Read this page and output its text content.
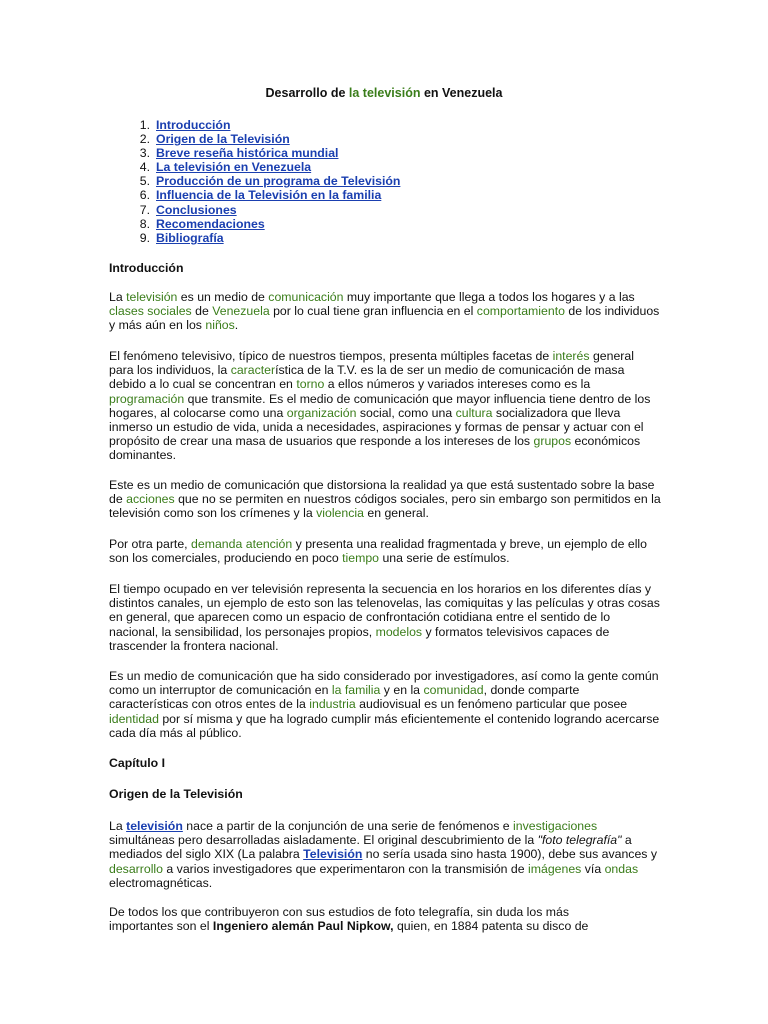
Desarrollo de la televisión en Venezuela
1. Introducción
2. Origen de la Televisión
3. Breve reseña histórica mundial
4. La televisión en Venezuela
5. Producción de un programa de Televisión
6. Influencia de la Televisión en la familia
7. Conclusiones
8. Recomendaciones
9. Bibliografía
Introducción

La televisión es un medio de comunicación muy importante que llega a todos los hogares y a las clases sociales de Venezuela por lo cual tiene gran influencia en el comportamiento de los individuos y más aún en los niños.

El fenómeno televisivo, típico de nuestros tiempos, presenta múltiples facetas de interés general para los individuos, la característica de la T.V. es la de ser un medio de comunicación de masa debido a lo cual se concentran en torno a ellos números y variados intereses como es la programación que transmite. Es el medio de comunicación que mayor influencia tiene dentro de los hogares, al colocarse como una organización social, como una cultura socializadora que lleva inmerso un estudio de vida, unida a necesidades, aspiraciones y formas de pensar y actuar con el propósito de crear una masa de usuarios que responde a los intereses de los grupos económicos dominantes.

Este es un medio de comunicación que distorsiona la realidad ya que está sustentado sobre la base de acciones que no se permiten en nuestros códigos sociales, pero sin embargo son permitidos en la televisión como son los crímenes y la violencia en general.

Por otra parte, demanda atención y presenta una realidad fragmentada y breve, un ejemplo de ello son los comerciales, produciendo en poco tiempo una serie de estímulos.

El tiempo ocupado en ver televisión representa la secuencia en los horarios en los diferentes días y distintos canales, un ejemplo de esto son las telenovelas, las comiquitas y las películas y otras cosas en general, que aparecen como un espacio de confrontación cotidiana entre el sentido de lo nacional, la sensibilidad, los personajes propios, modelos y formatos televisivos capaces de trascender la frontera nacional.

Es un medio de comunicación que ha sido considerado por investigadores, así como la gente común como un interruptor de comunicación en la familia y en la comunidad, donde comparte características con otros entes de la industria audiovisual es un fenómeno particular que posee identidad por sí misma y que ha logrado cumplir más eficientemente el contenido logrando acercarse cada día más al público.

Capítulo I
Origen de la Televisión

La televisión nace a partir de la conjunción de una serie de fenómenos e investigaciones simultáneas pero desarrolladas aisladamente. El original descubrimiento de la "foto telegrafía" a mediados del siglo XIX (La palabra Televisión no sería usada sino hasta 1900), debe sus avances y desarrollo a varios investigadores que experimentaron con la transmisión de imágenes vía ondas electromagnéticas.

De todos los que contribuyeron con sus estudios de foto telegrafía, sin duda los más importantes son el Ingeniero alemán Paul Nipkow, quien, en 1884 patenta su disco de
